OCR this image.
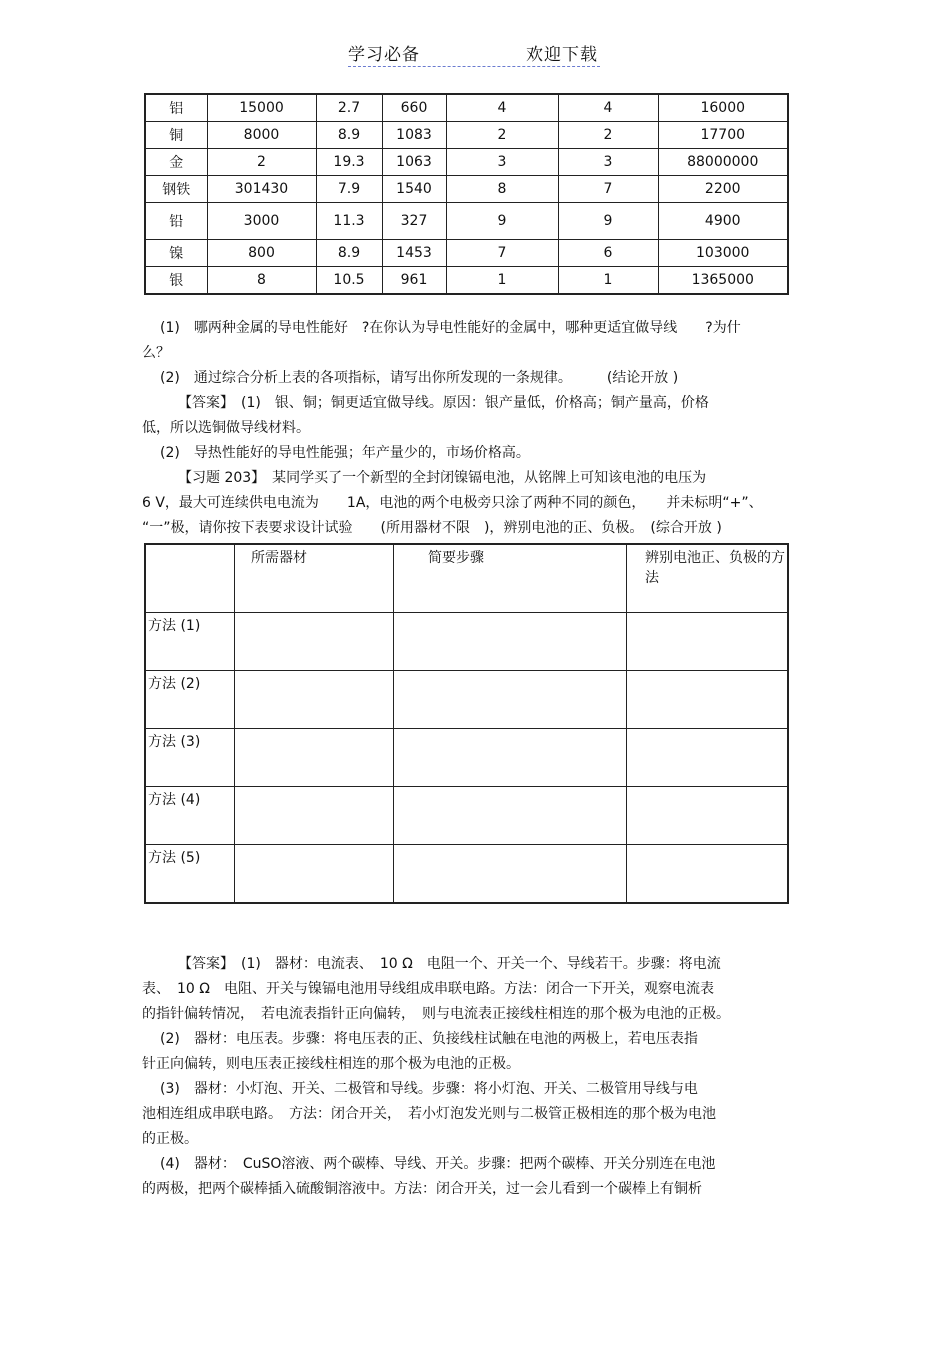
学习必备	欢迎下载
铝	15000	2.7	660	4	4	16000
铜	8000	8.9	1083	2	2	17700
金	2	19.3	1063	3	3	88000000
钢铁	301430	7.9	1540	8	7	2200
铅	3000	11.3	327	9	9	4900
镍	800	8.9	1453	7	6	103000
银	8	10.5	961	1	1	1365000

(1)　哪两种金属的导电性能好　?在你认为导电性能好的金属中，哪种更适宜做导线　　?为什

么？

(2)　通过综合分析上表的各项指标，请写出你所发现的一条规律。　　　(结论开放 )

【答案】　(1)　银、铜；铜更适宜做导线。原因：银产量低，价格高；铜产量高，价格

低，所以选铜做导线材料。

(2)　导热性能好的导电性能强；年产量少的，市场价格高。

【习题 203】　某同学买了一个新型的全封闭镍镉电池，从铭牌上可知该电池的电压为

6 V，最大可连续供电电流为　　1A，电池的两个电极旁只涂了两种不同的颜色，　　并未标明“+”、

“一”极，请你按下表要求设计试验　　(所用器材不限　)，辨别电池的正、负极。　(综合开放 )

	所需器材	简要步骤	辨别电池正、负极的方法
方法 (1)			
方法 (2)			
方法 (3)			
方法 (4)			
方法 (5)			

【答案】　(1)　器材：电流表、　10 Ω　电阻一个、开关一个、导线若干。步骤：将电流

表、　10 Ω　电阻、开关与镍镉电池用导线组成串联电路。方法：闭合一下开关，观察电流表

的指针偏转情况，　若电流表指针正向偏转，　则与电流表正接线柱相连的那个极为电池的正极。

(2)　器材：电压表。步骤：将电压表的正、负接线柱试触在电池的两极上，若电压表指

针正向偏转，则电压表正接线柱相连的那个极为电池的正极。

(3)　器材：小灯泡、开关、二极管和导线。步骤：将小灯泡、开关、二极管用导线与电

池相连组成串联电路。　方法：闭合开关，　若小灯泡发光则与二极管正极相连的那个极为电池

的正极。

(4)　器材：　CuSO溶液、两个碳棒、导线、开关。步骤：把两个碳棒、开关分别连在电池

的两极，把两个碳棒插入硫酸铜溶液中。方法：闭合开关，过一会儿看到一个碳棒上有铜析
